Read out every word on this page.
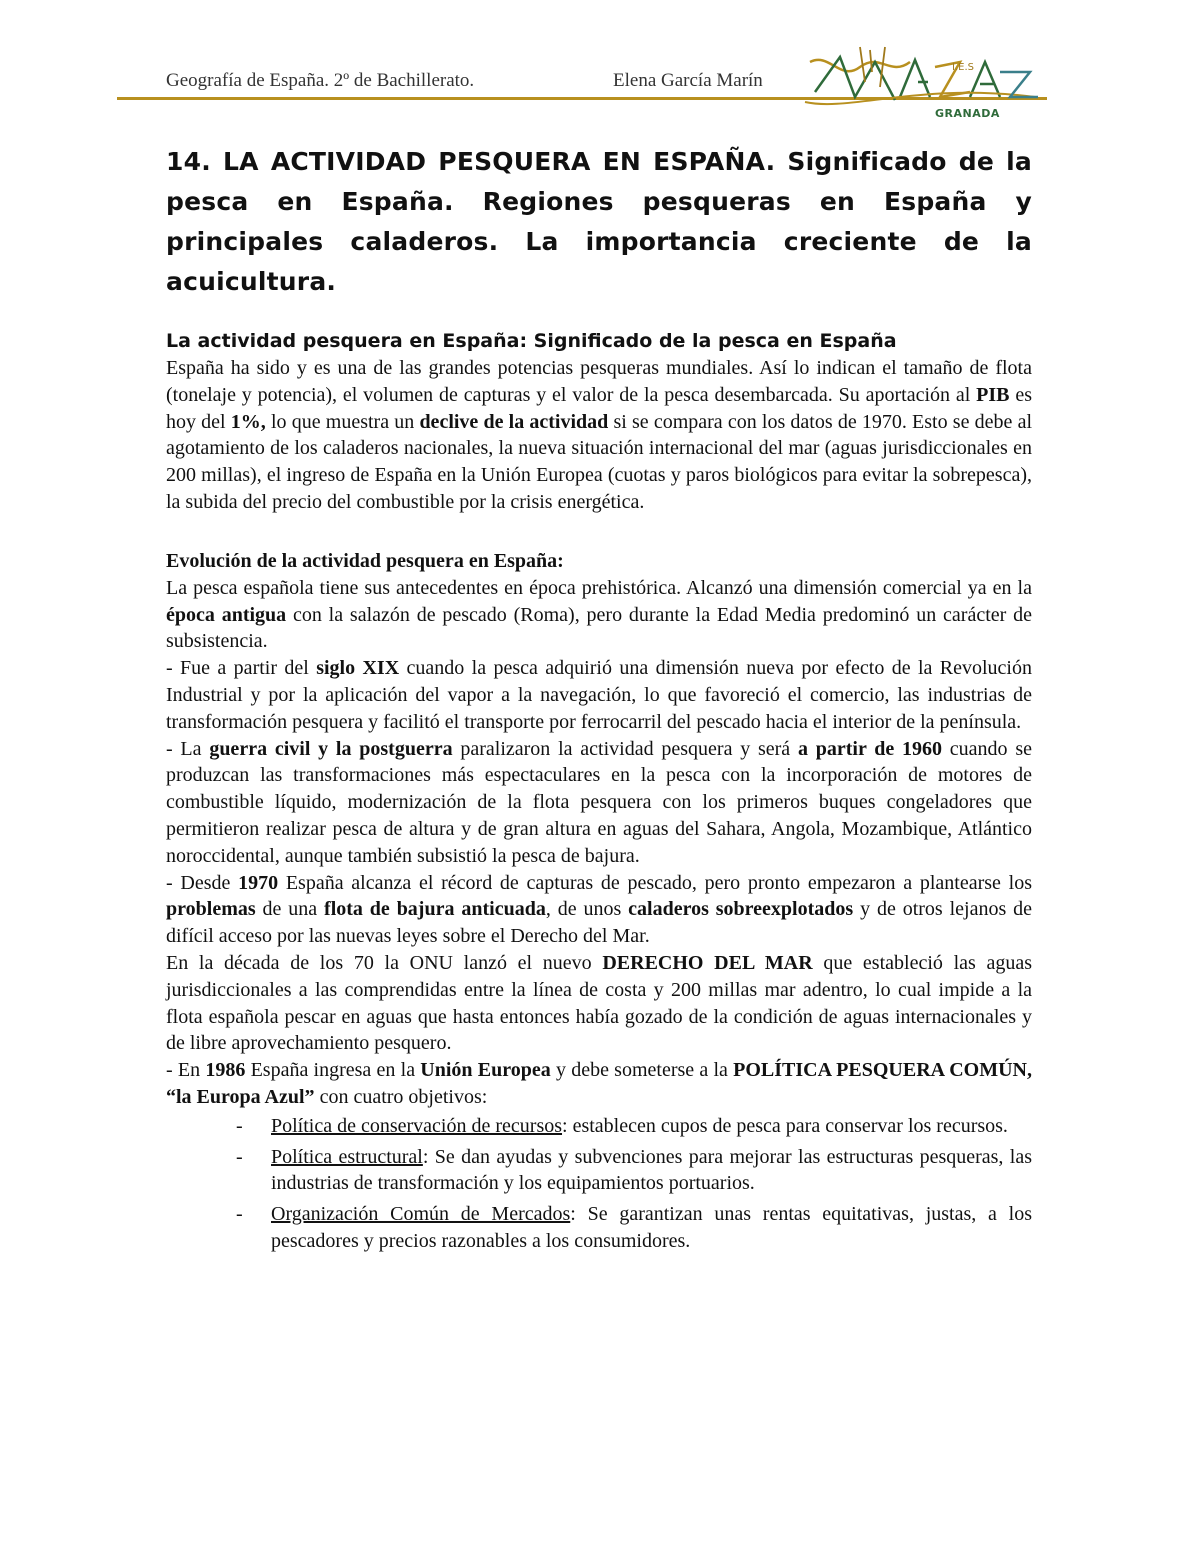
Geografía de España. 2º de Bachillerato.	Elena García Marín
I.E.S
GRANADA
14. LA ACTIVIDAD PESQUERA EN ESPAÑA. Significado de la pesca en España. Regiones pesqueras en España y principales caladeros. La importancia creciente de la acuicultura.
La actividad pesquera en España: Significado de la pesca en España

España ha sido y es una de las grandes potencias pesqueras mundiales. Así lo indican el tamaño de flota (tonelaje y potencia), el volumen de capturas y el valor de la pesca desembarcada. Su aportación al PIB es hoy del 1%, lo que muestra un declive de la actividad si se compara con los datos de 1970. Esto se debe al agotamiento de los caladeros nacionales, la nueva situación internacional del mar (aguas jurisdiccionales en 200 millas), el ingreso de España en la Unión Europea (cuotas y paros biológicos para evitar la sobrepesca), la subida del precio del combustible por la crisis energética.

Evolución de la actividad pesquera en España:

La pesca española tiene sus antecedentes en época prehistórica. Alcanzó una dimensión comercial ya en la época antigua con la salazón de pescado (Roma), pero durante la Edad Media predominó un carácter de subsistencia.

- Fue a partir del siglo XIX cuando la pesca adquirió una dimensión nueva por efecto de la Revolución Industrial y por la aplicación del vapor a la navegación, lo que favoreció el comercio, las industrias de transformación pesquera y facilitó el transporte por ferrocarril del pescado hacia el interior de la península.

- La guerra civil y la postguerra paralizaron la actividad pesquera y será a partir de 1960 cuando se produzcan las transformaciones más espectaculares en la pesca con la incorporación de motores de combustible líquido, modernización de la flota pesquera con los primeros buques congeladores que permitieron realizar pesca de altura y de gran altura en aguas del Sahara, Angola, Mozambique, Atlántico noroccidental, aunque también subsistió la pesca de bajura.

- Desde 1970 España alcanza el récord de capturas de pescado, pero pronto empezaron a plantearse los problemas de una flota de bajura anticuada, de unos caladeros sobreexplotados y de otros lejanos de difícil acceso por las nuevas leyes sobre el Derecho del Mar.

En la década de los 70 la ONU lanzó el nuevo DERECHO DEL MAR que estableció las aguas jurisdiccionales a las comprendidas entre la línea de costa y 200 millas mar adentro, lo cual impide a la flota española pescar en aguas que hasta entonces había gozado de la condición de aguas internacionales y de libre aprovechamiento pesquero.

- En 1986 España ingresa en la Unión Europea y debe someterse a la POLÍTICA PESQUERA COMÚN, “la Europa Azul” con cuatro objetivos:

- Política de conservación de recursos: establecen cupos de pesca para conservar los recursos.
- Política estructural: Se dan ayudas y subvenciones para mejorar las estructuras pesqueras, las industrias de transformación y los equipamientos portuarios.
- Organización Común de Mercados: Se garantizan unas rentas equitativas, justas, a los pescadores y precios razonables a los consumidores.
